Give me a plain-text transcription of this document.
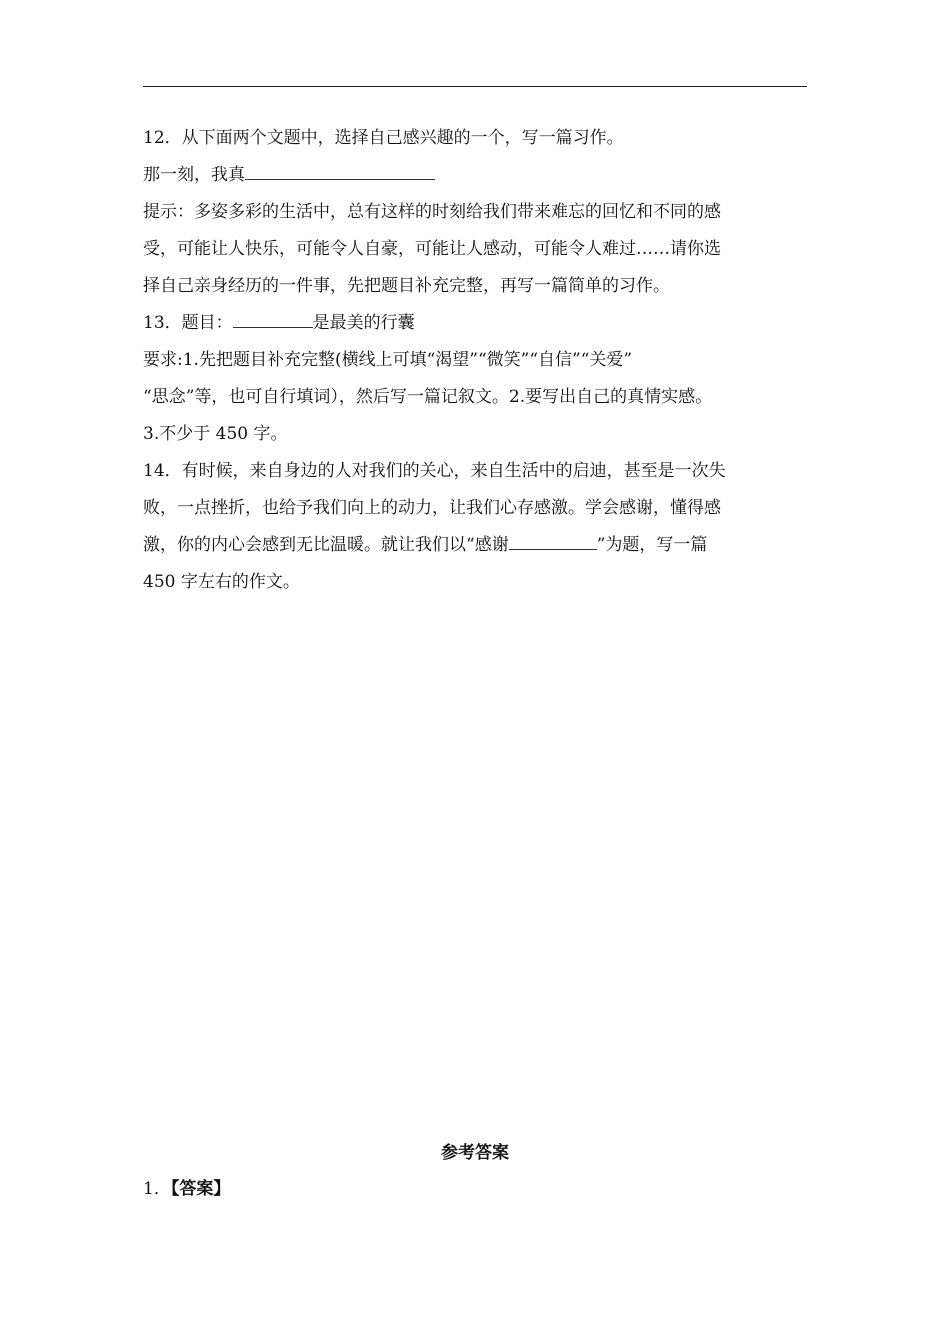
12．从下面两个文题中，选择自己感兴趣的一个，写一篇习作。
那一刻，我真
提示：多姿多彩的生活中，总有这样的时刻给我们带来难忘的回忆和不同的感
受，可能让人快乐，可能令人自豪，可能让人感动，可能令人难过……请你选
择自己亲身经历的一件事，先把题目补充完整，再写一篇简单的习作。
13．题目：	是最美的行囊
要求:1.先把题目补充完整(横线上可填“渴望”“微笑”“自信”“关爱”
“思念”等，也可自行填词），然后写一篇记叙文。2.要写出自己的真情实感。
3.不少于 450 字。
14．有时候，来自身边的人对我们的关心，来自生活中的启迪，甚至是一次失
败，一点挫折，也给予我们向上的动力，让我们心存感激。学会感谢，懂得感
激，你的内心会感到无比温暖。就让我们以“感谢	”为题，写一篇
450 字左右的作文。
参考答案
1．【答案】
